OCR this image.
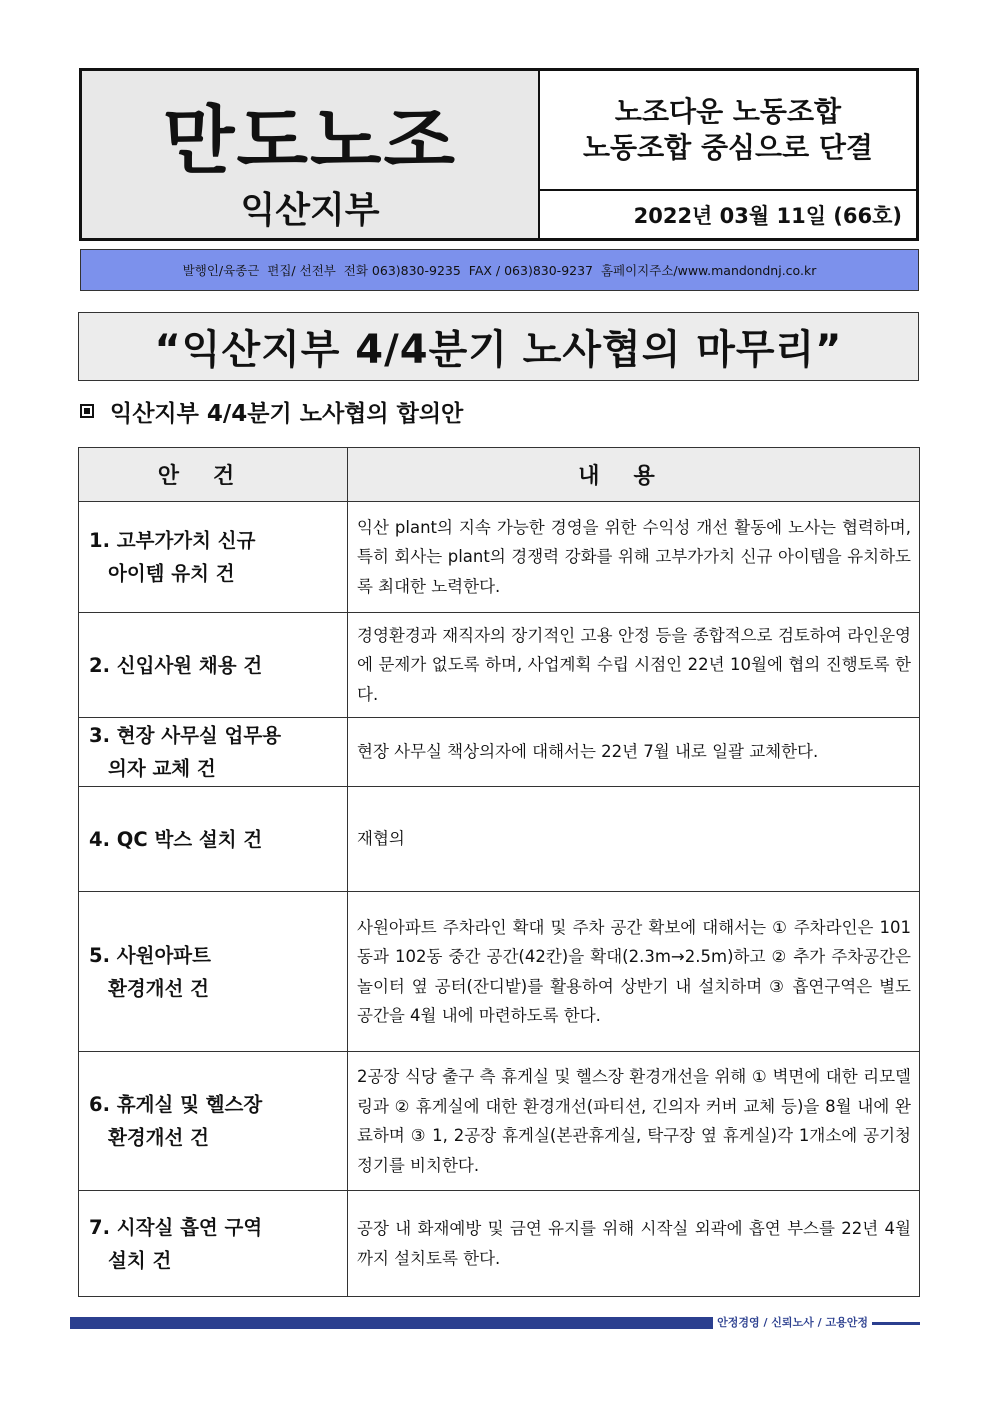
만도노조
익산지부
노조다운 노동조합
노동조합 중심으로 단결
2022년 03월 11일 (66호)
발행인/육종근  편집/ 선전부  전화 063)830-9235  FAX / 063)830-9237  홈페이지주소/www.mandondnj.co.kr
“익산지부 4/4분기 노사협의 마무리”
익산지부 4/4분기 노사협의 합의안
안건	내용

1. 고부가가치 신규
아이템 유치 건	익산 plant의 지속 가능한 경영을 위한 수익성 개선 활동에 노사는 협력하며, 특히 회사는 plant의 경쟁력 강화를 위해 고부가가치 신규 아이템을 유치하도록 최대한 노력한다.

2. 신입사원 채용 건	경영환경과 재직자의 장기적인 고용 안정 등을 종합적으로 검토하여 라인운영에 문제가 없도록 하며, 사업계획 수립 시점인 22년 10월에 협의 진행토록 한다.

3. 현장 사무실 업무용
의자 교체 건	현장 사무실 책상의자에 대해서는 22년 7월 내로 일괄 교체한다.

4. QC 박스 설치 건	재협의

5. 사원아파트
환경개선 건	사원아파트 주차라인 확대 및 주차 공간 확보에 대해서는 ① 주차라인은 101동과 102동 중간 공간(42칸)을 확대(2.3m→2.5m)하고 ② 추가 주차공간은 놀이터 옆 공터(잔디밭)를 활용하여 상반기 내 설치하며 ③ 흡연구역은 별도 공간을 4월 내에 마련하도록 한다.

6. 휴게실 및 헬스장
환경개선 건	2공장 식당 출구 측 휴게실 및 헬스장 환경개선을 위해 ① 벽면에 대한 리모델링과 ② 휴게실에 대한 환경개선(파티션, 긴의자 커버 교체 등)을 8월 내에 완료하며 ③ 1, 2공장 휴게실(본관휴게실, 탁구장 옆 휴게실)각 1개소에 공기청정기를 비치한다.

7. 시작실 흡연 구역
설치 건	공장 내 화재예방 및 금연 유지를 위해 시작실 외곽에 흡연 부스를 22년 4월까지 설치토록 한다.
안정경영 / 신뢰노사 / 고용안정
